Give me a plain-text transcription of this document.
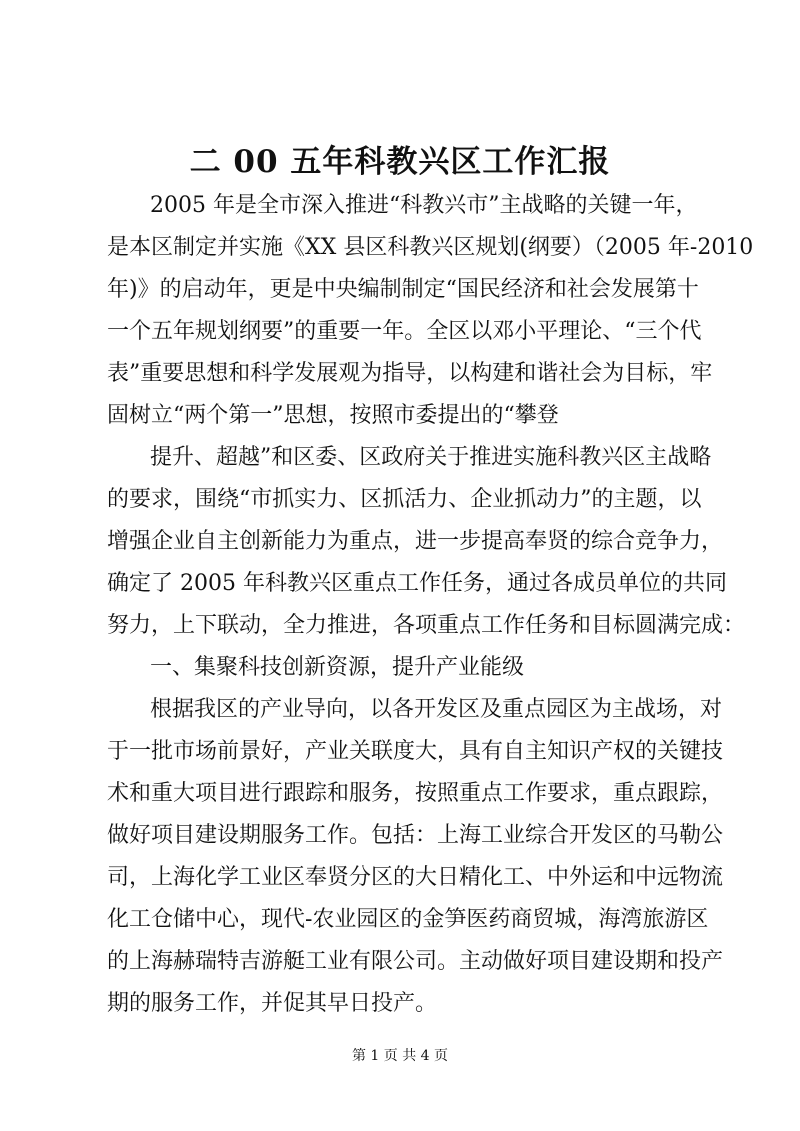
二 00 五年科教兴区工作汇报
2005 年是全市深入推进“科教兴市”主战略的关键一年，
是本区制定并实施《XX 县区科教兴区规划(纲要）（2005 年-2010
年)》的启动年，更是中央编制制定“国民经济和社会发展第十
一个五年规划纲要”的重要一年。全区以邓小平理论、“三个代
表”重要思想和科学发展观为指导，以构建和谐社会为目标，牢
固树立“两个第一”思想，按照市委提出的“攀登
提升、超越”和区委、区政府关于推进实施科教兴区主战略
的要求，围绕“市抓实力、区抓活力、企业抓动力”的主题，以
增强企业自主创新能力为重点，进一步提高奉贤的综合竞争力，
确定了 2005 年科教兴区重点工作任务，通过各成员单位的共同
努力，上下联动，全力推进，各项重点工作任务和目标圆满完成：
一、集聚科技创新资源，提升产业能级
根据我区的产业导向，以各开发区及重点园区为主战场，对
于一批市场前景好，产业关联度大，具有自主知识产权的关键技
术和重大项目进行跟踪和服务，按照重点工作要求，重点跟踪，
做好项目建设期服务工作。包括：上海工业综合开发区的马勒公
司，上海化学工业区奉贤分区的大日精化工、中外运和中远物流
化工仓储中心，现代-农业园区的金笋医药商贸城，海湾旅游区
的上海赫瑞特吉游艇工业有限公司。主动做好项目建设期和投产
期的服务工作，并促其早日投产。
第 1 页 共 4 页
